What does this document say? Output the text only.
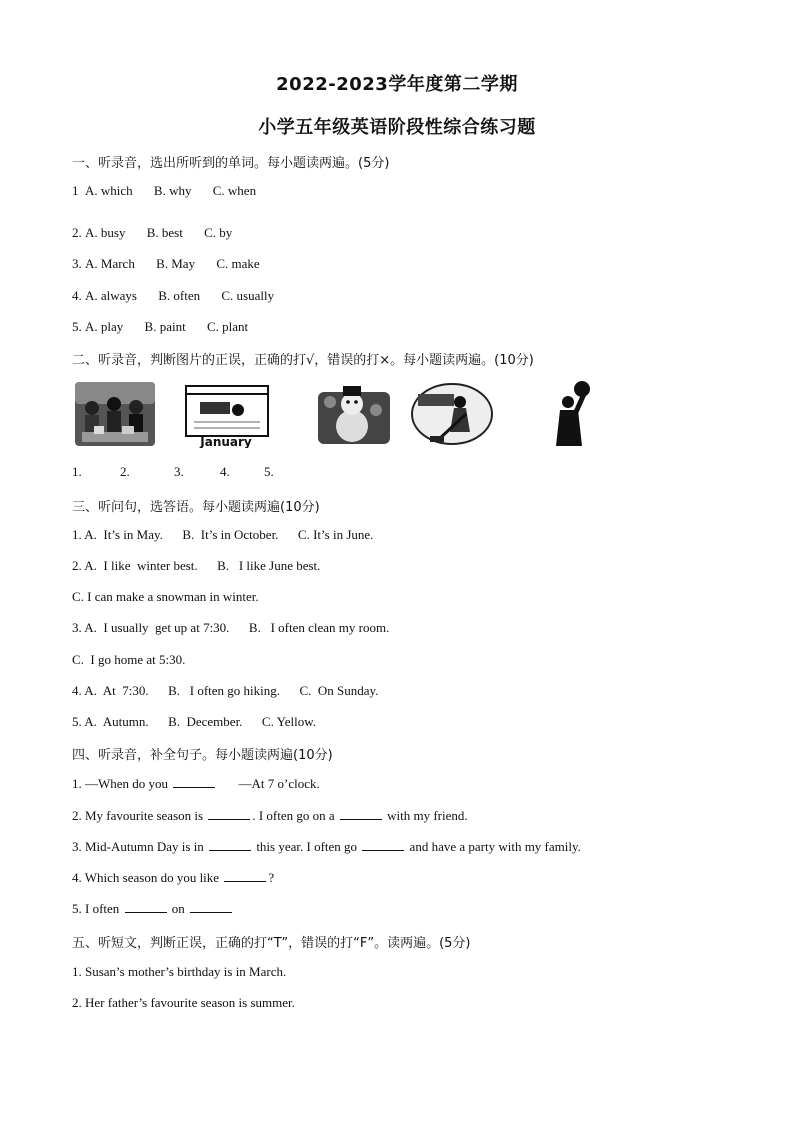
2022-2023学年度第二学期
小学五年级英语阶段性综合练习题
一、听录音，选出所听到的单词。每小题读两遍。(5分)
1 A. which B. why C. when
2. A. busy B. best C. by
3. A. March B. May C. make
4. A. always B. often C. usually
5. A. play B. paint C. plant
二、听录音，判断图片的正误，正确的打√，错误的打×。每小题读两遍。(10分)
January
1.	2.	3.	4.	5.
三、听问句，选答语。每小题读两遍(10分)
1. A.  It’s in May.      B.  It’s in October.      C. It’s in June.
2. A.  I like  winter best.      B.   I like June best.
C. I can make a snowman in winter.
3. A.  I usually  get up at 7:30.      B.   I often clean my room.
C.  I go home at 5:30.
4. A.  At  7:30.      B.   I often go hiking.      C.  On Sunday.
5. A.  Autumn.      B.  December.      C. Yellow.
四、听录音，补全句子。每小题读两遍(10分)
1. —When do you	—At 7 o’clock.
2. My favourite season is	. I often go on a	with my friend.
3. Mid-Autumn Day is in	this year. I often go	and have a party with my family.
4. Which season do you like	?
5. I often	on
五、听短文，判断正误，正确的打“T”，错误的打“F”。读两遍。(5分)
1. Susan’s mother’s birthday is in March.
2. Her father’s favourite season is summer.
